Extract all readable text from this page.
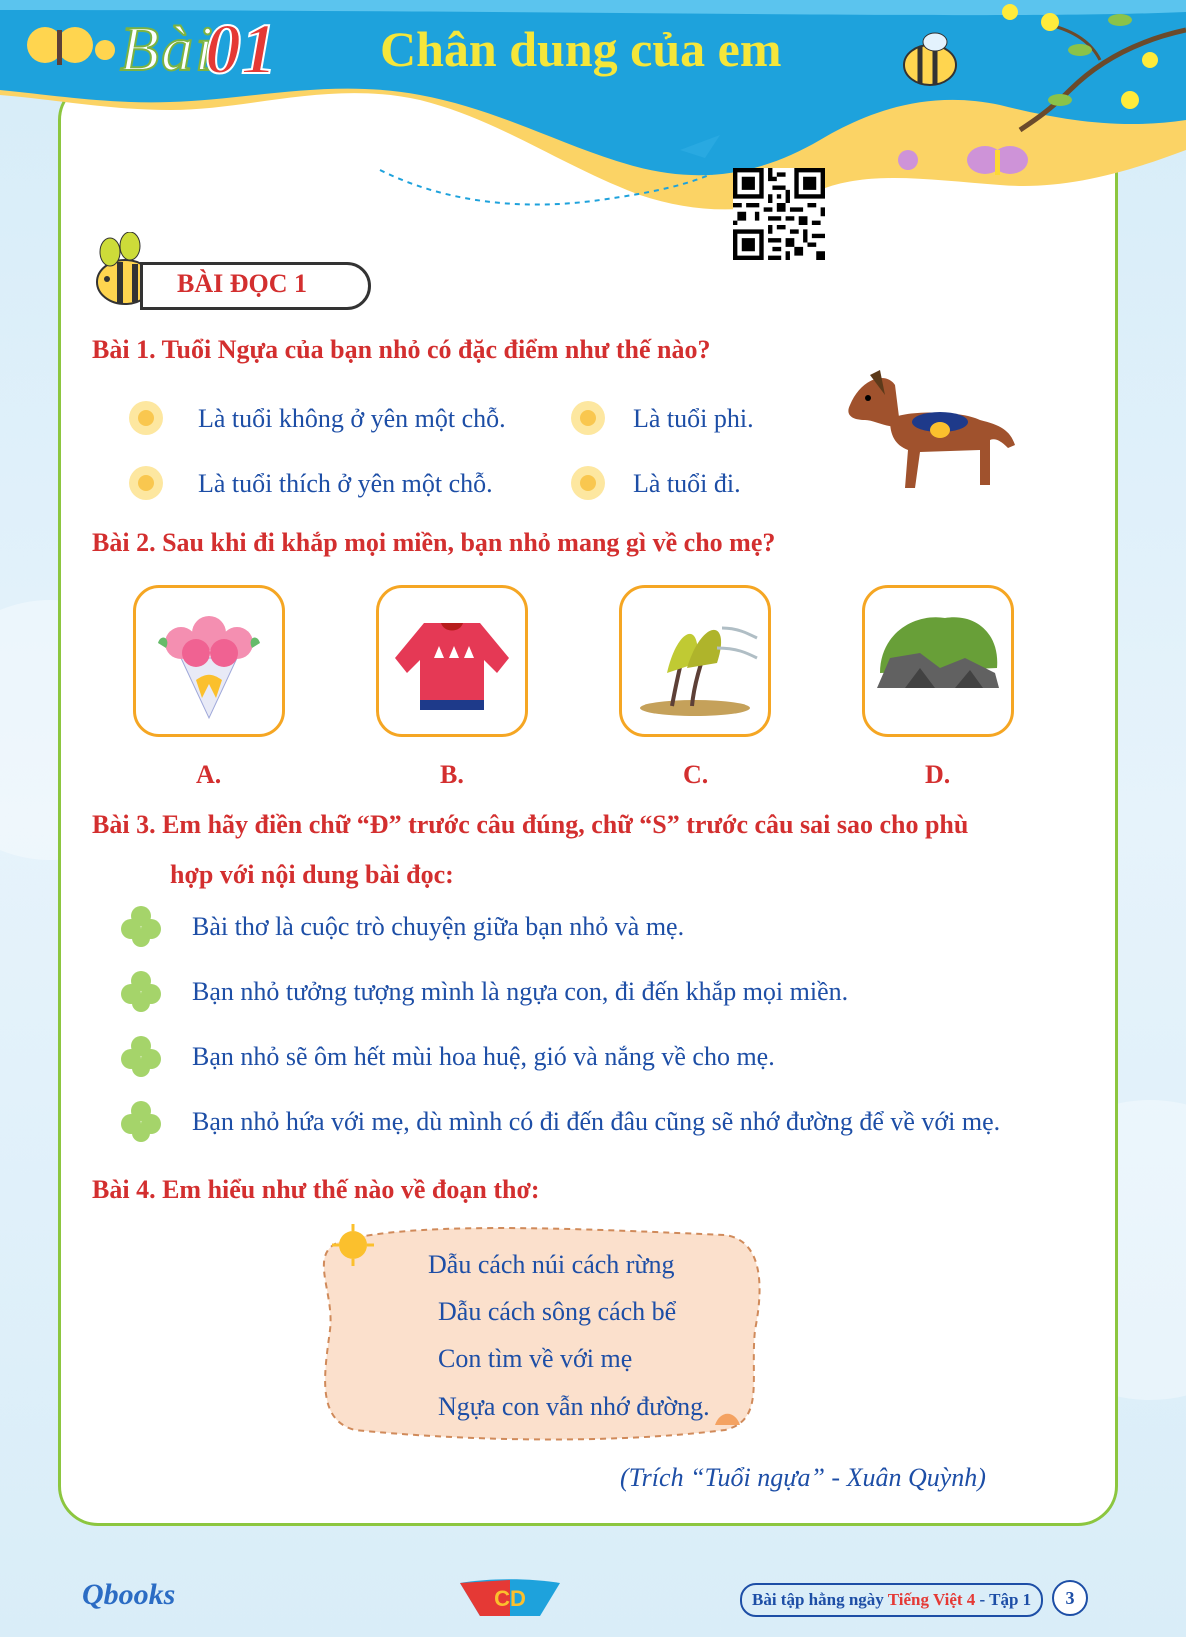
Bài
01 Chân dung của em
BÀI ĐỌC 1
Bài 1. Tuổi Ngựa của bạn nhỏ có đặc điểm như thế nào?
Là tuổi không ở yên một chỗ.	Là tuổi phi.
Là tuổi thích ở yên một chỗ.	Là tuổi đi.
Bài 2. Sau khi đi khắp mọi miền, bạn nhỏ mang gì về cho mẹ?
A.	B.	C.	D.
Bài 3. Em hãy điền chữ “Đ” trước câu đúng, chữ “S” trước câu sai sao cho phù
hợp với nội dung bài đọc:
Bài thơ là cuộc trò chuyện giữa bạn nhỏ và mẹ.
Bạn nhỏ tưởng tượng mình là ngựa con, đi đến khắp mọi miền.
Bạn nhỏ sẽ ôm hết mùi hoa huệ, gió và nắng về cho mẹ.
Bạn nhỏ hứa với mẹ, dù mình có đi đến đâu cũng sẽ nhớ đường để về với mẹ.
Bài 4. Em hiểu như thế nào về đoạn thơ:
Dẫu cách núi cách rừng
Dẫu cách sông cách bể
Con tìm về với mẹ
Ngựa con vẫn nhớ đường.
(Trích “Tuổi ngựa” - Xuân Quỳnh)
Qbooks	CD	Bài tập hằng ngày Tiếng Việt 4 - Tập 1	3
